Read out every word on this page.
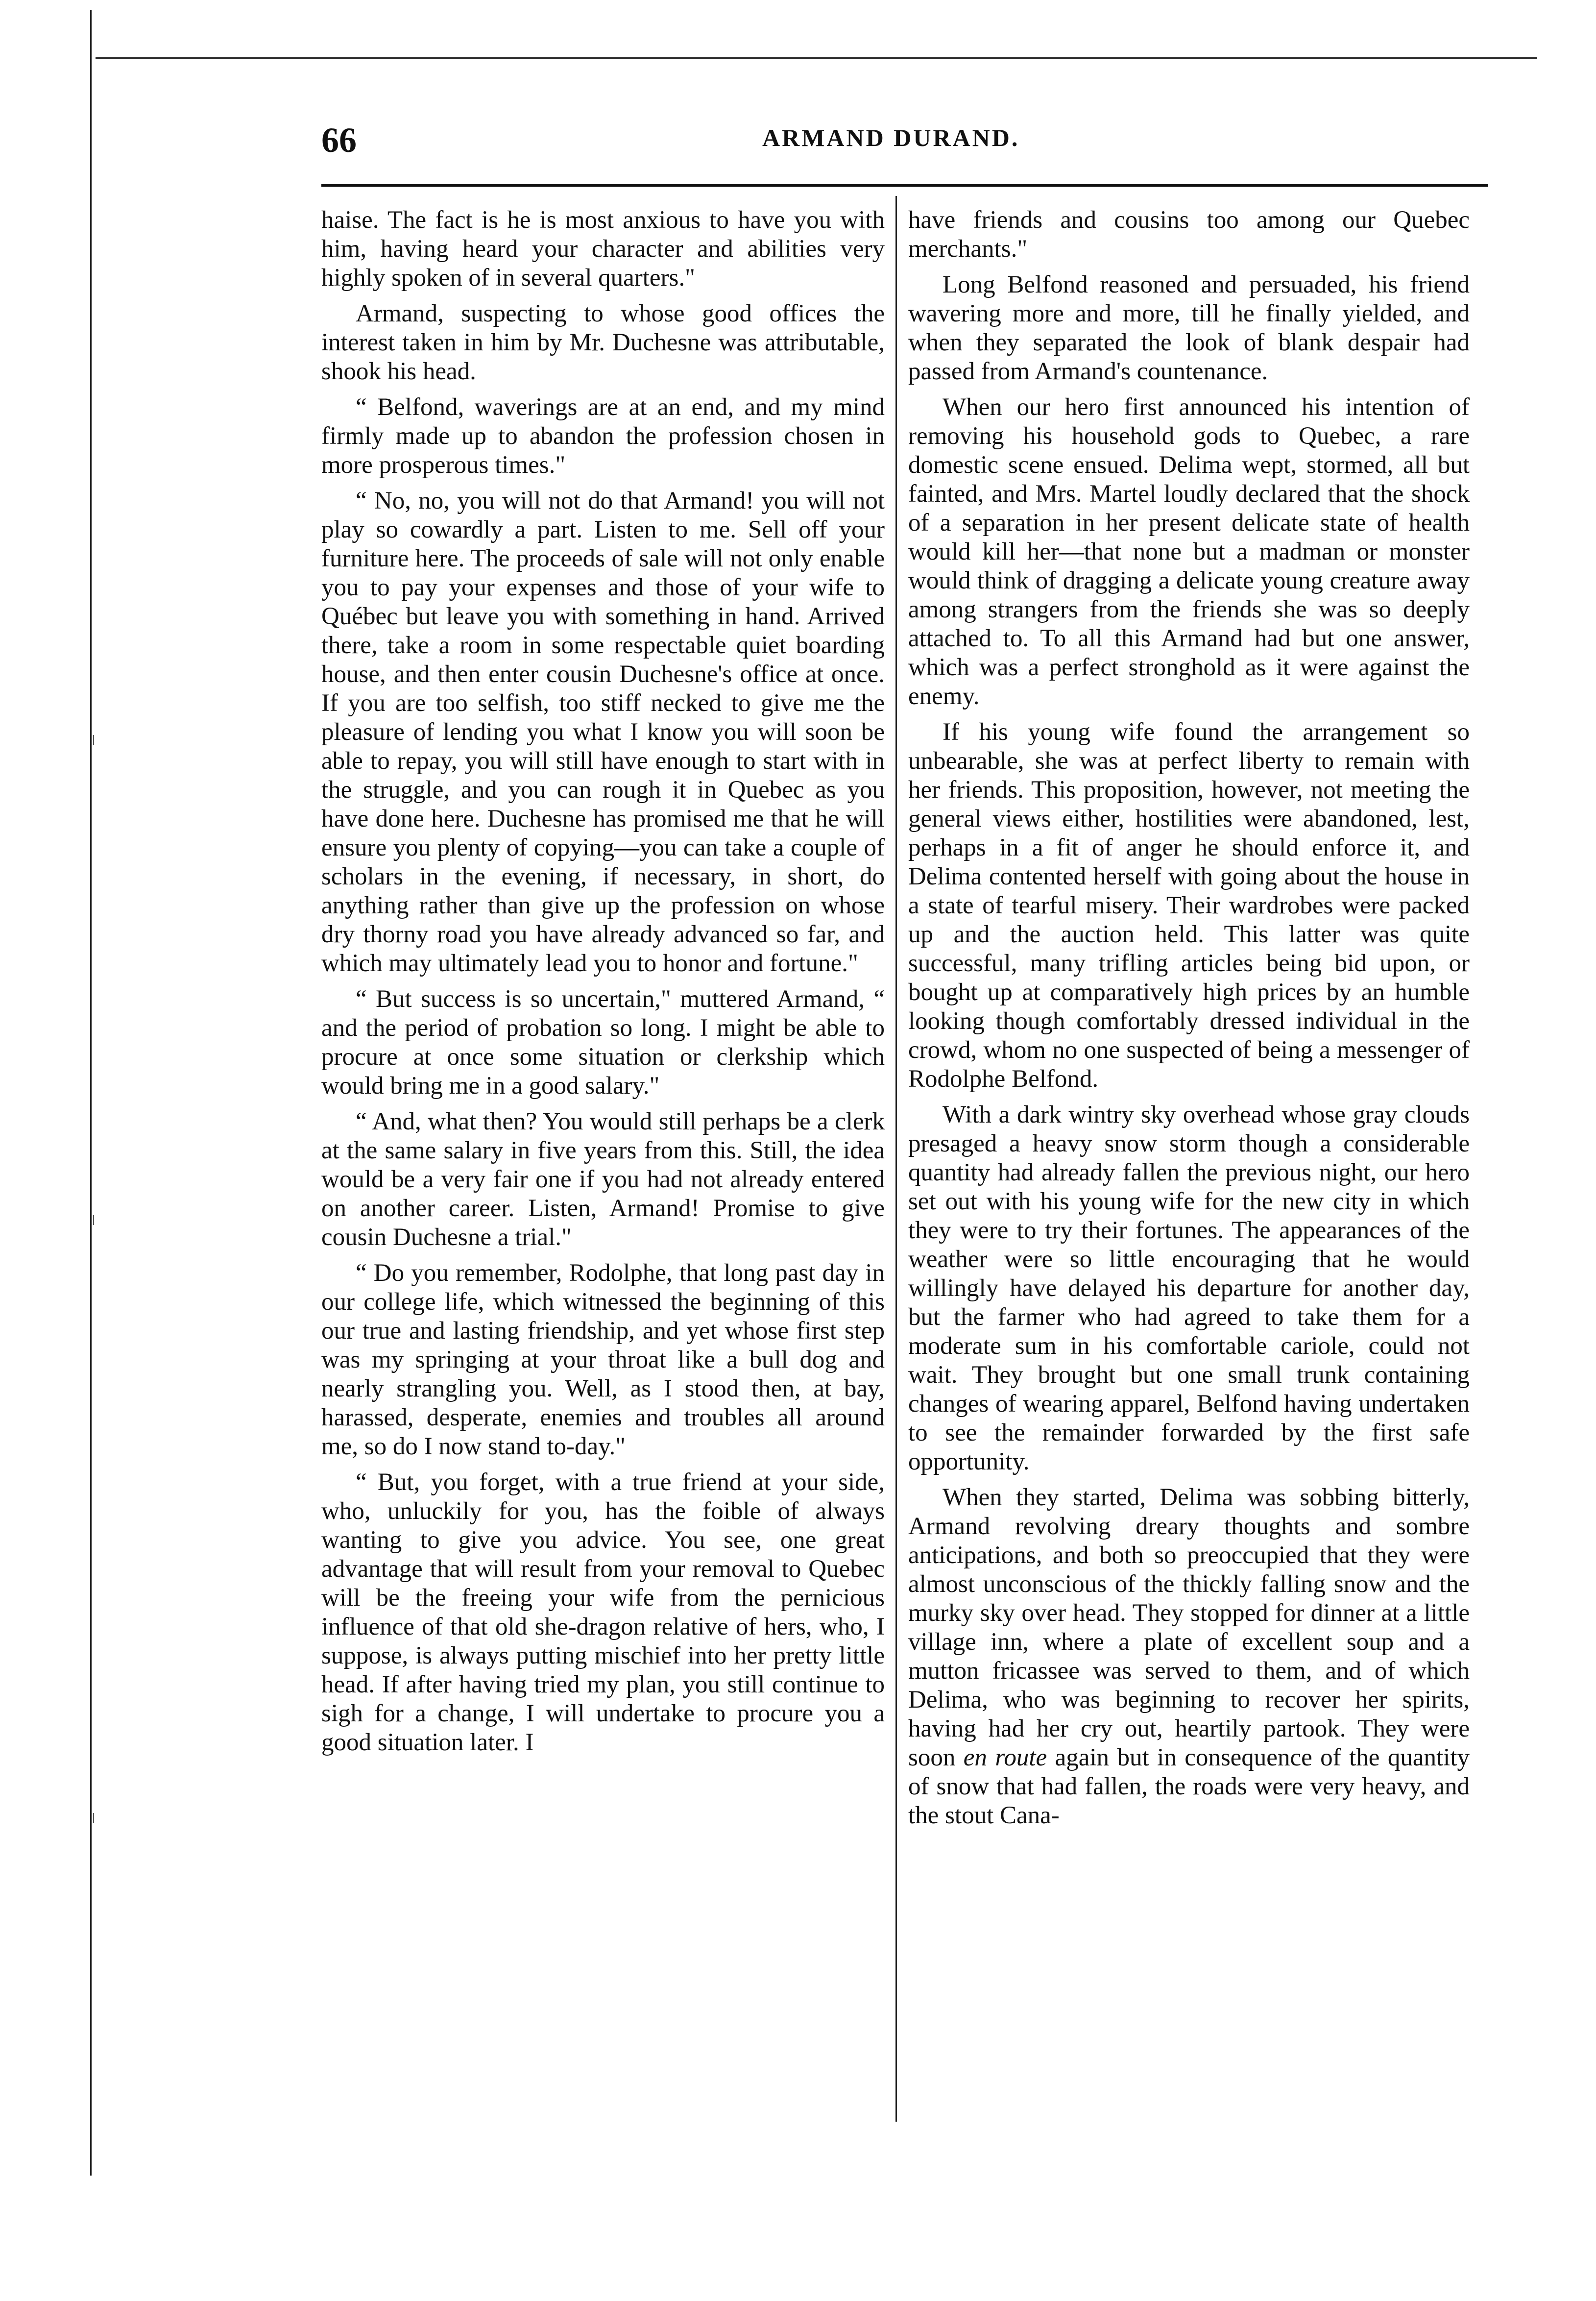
66	ARMAND DURAND.

haise. The fact is he is most anxious to have you with him, having heard your character and abilities very highly spoken of in several quarters."

Armand, suspecting to whose good offices the interest taken in him by Mr. Duchesne was attributable, shook his head.

“ Belfond, waverings are at an end, and my mind firmly made up to abandon the profession chosen in more prosperous times."

“ No, no, you will not do that Armand! you will not play so cowardly a part. Listen to me. Sell off your furniture here. The proceeds of sale will not only enable you to pay your expenses and those of your wife to Québec but leave you with something in hand. Arrived there, take a room in some respectable quiet boarding house, and then enter cousin Duchesne's office at once. If you are too selfish, too stiff necked to give me the pleasure of lending you what I know you will soon be able to repay, you will still have enough to start with in the struggle, and you can rough it in Quebec as you have done here. Duchesne has promised me that he will ensure you plenty of copying—you can take a couple of scholars in the evening, if necessary, in short, do anything rather than give up the profession on whose dry thorny road you have already advanced so far, and which may ultimately lead you to honor and fortune."

“ But success is so uncertain," muttered Armand, “ and the period of probation so long. I might be able to procure at once some situation or clerkship which would bring me in a good salary."

“ And, what then? You would still perhaps be a clerk at the same salary in five years from this. Still, the idea would be a very fair one if you had not already entered on another career. Listen, Armand! Promise to give cousin Duchesne a trial."

“ Do you remember, Rodolphe, that long past day in our college life, which witnessed the beginning of this our true and lasting friendship, and yet whose first step was my springing at your throat like a bull dog and nearly strangling you. Well, as I stood then, at bay, harassed, desperate, enemies and troubles all around me, so do I now stand to-day."

“ But, you forget, with a true friend at your side, who, unluckily for you, has the foible of always wanting to give you advice. You see, one great advantage that will result from your removal to Quebec will be the freeing your wife from the pernicious influence of that old she-dragon relative of hers, who, I suppose, is always putting mischief into her pretty little head. If after having tried my plan, you still continue to sigh for a change, I will undertake to procure you a good situation later. I

have friends and cousins too among our Quebec merchants."

Long Belfond reasoned and persuaded, his friend wavering more and more, till he finally yielded, and when they separated the look of blank despair had passed from Armand's countenance.

When our hero first announced his intention of removing his household gods to Quebec, a rare domestic scene ensued. Delima wept, stormed, all but fainted, and Mrs. Martel loudly declared that the shock of a separation in her present delicate state of health would kill her—that none but a madman or monster would think of dragging a delicate young creature away among strangers from the friends she was so deeply attached to. To all this Armand had but one answer, which was a perfect stronghold as it were against the enemy.

If his young wife found the arrangement so unbearable, she was at perfect liberty to remain with her friends. This proposition, however, not meeting the general views either, hostilities were abandoned, lest, perhaps in a fit of anger he should enforce it, and Delima contented herself with going about the house in a state of tearful misery. Their wardrobes were packed up and the auction held. This latter was quite successful, many trifling articles being bid upon, or bought up at comparatively high prices by an humble looking though comfortably dressed individual in the crowd, whom no one suspected of being a messenger of Rodolphe Belfond.

With a dark wintry sky overhead whose gray clouds presaged a heavy snow storm though a considerable quantity had already fallen the previous night, our hero set out with his young wife for the new city in which they were to try their fortunes. The appearances of the weather were so little encouraging that he would willingly have delayed his departure for another day, but the farmer who had agreed to take them for a moderate sum in his comfortable cariole, could not wait. They brought but one small trunk containing changes of wearing apparel, Belfond having undertaken to see the remainder forwarded by the first safe opportunity.

When they started, Delima was sobbing bitterly, Armand revolving dreary thoughts and sombre anticipations, and both so preoccupied that they were almost unconscious of the thickly falling snow and the murky sky over head. They stopped for dinner at a little village inn, where a plate of excellent soup and a mutton fricassee was served to them, and of which Delima, who was beginning to recover her spirits, having had her cry out, heartily partook. They were soon en route again but in consequence of the quantity of snow that had fallen, the roads were very heavy, and the stout Cana-
